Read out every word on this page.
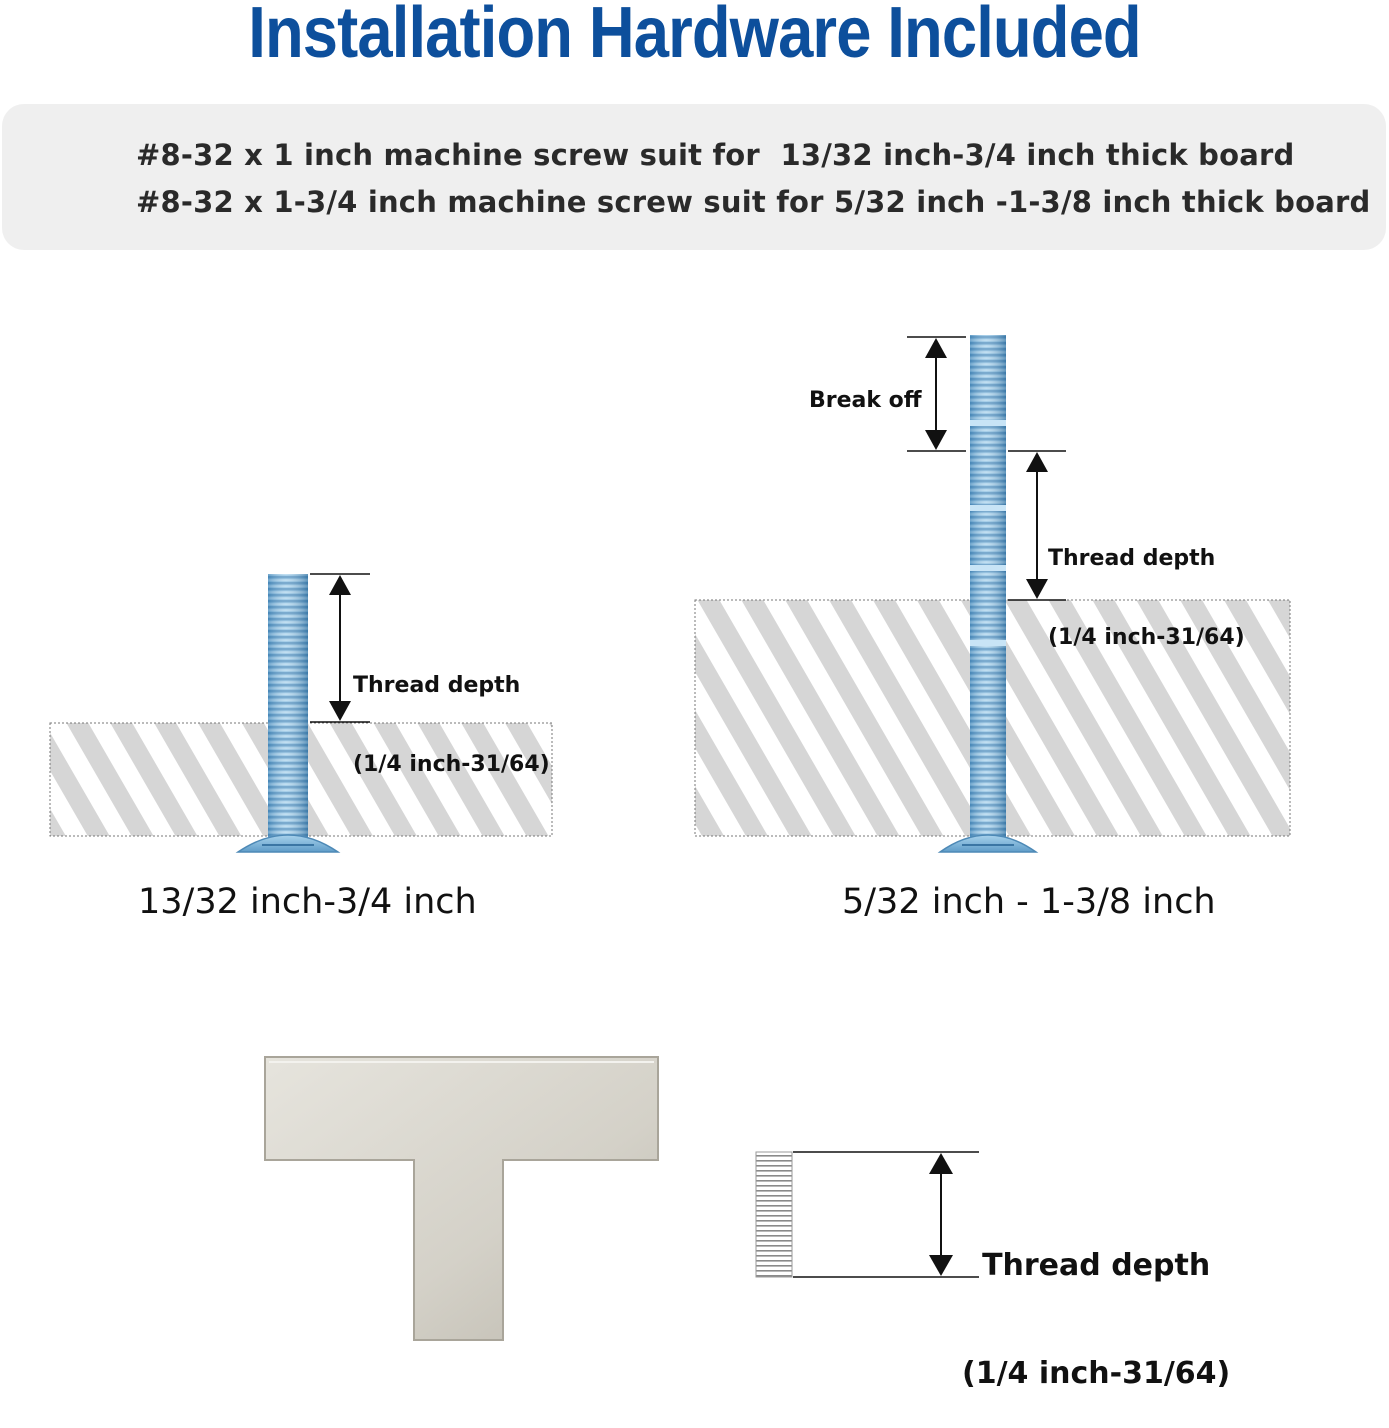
Installation Hardware Included
#8-32 x 1 inch machine screw suit for  13/32 inch-3/4 inch thick board
#8-32 x 1-3/4 inch machine screw suit for 5/32 inch -1-3/8 inch thick board

Thread depth

(1/4 inch-31/64)

13/32 inch-3/4 inch
Break off

Thread depth

(1/4 inch-31/64)

5/32 inch - 1-3/8 inch

Thread depth

(1/4 inch-31/64)
